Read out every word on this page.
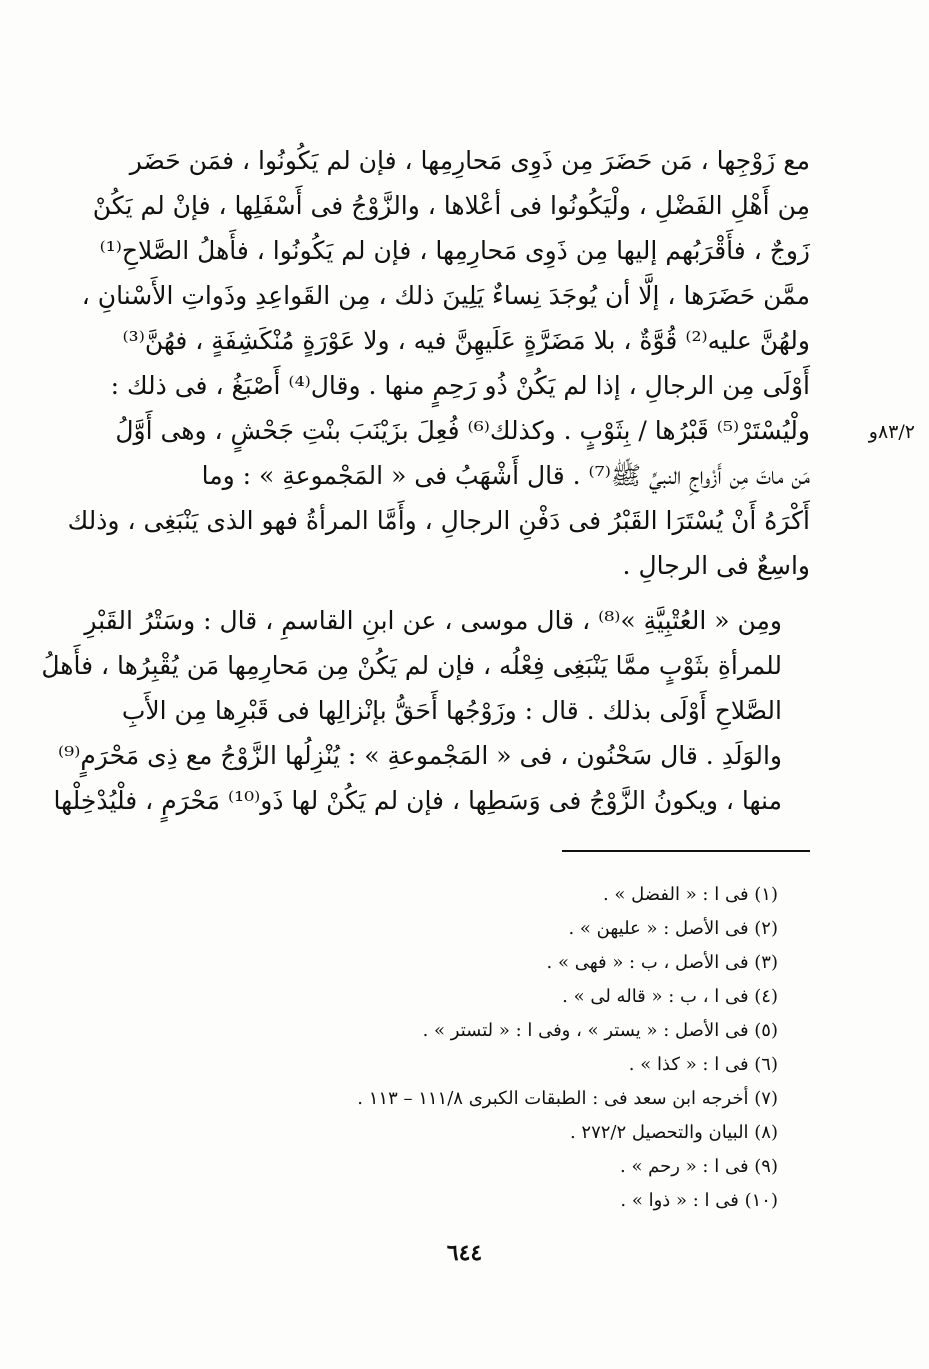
٨٣/٢و

مع زَوْجِها ، مَن حَضَرَ مِن ذَوِى مَحارِمِها ، فإن لم يَكُونُوا ، فمَن حَضَر
مِن أَهْلِ الفَضْلِ ، ولْيَكُونُوا فى أعْلاها ، والزَّوْجُ فى أَسْفَلِها ، فإنْ لم يَكُنْ
زَوجٌ ، فأَقْرَبُهم إليها مِن ذَوِى مَحارِمِها ، فإن لم يَكُونُوا ، فأَهلُ الصَّلاحِ⁽¹⁾
ممَّن حَضَرَها ، إلَّا أن يُوجَدَ نِساءٌ يَلِينَ ذلك ، مِن القَواعِدِ وذَواتِ الأَسْنانِ ،
ولهُنَّ عليه⁽²⁾ قُوَّةٌ ، بلا مَضَرَّةٍ عَلَيهِنَّ فيه ، ولا عَوْرَةٍ مُنْكَشِفَةٍ ، فهُنَّ⁽³⁾
أَوْلَى مِن الرجالِ ، إذا لم يَكُنْ ذُو رَحِمٍ منها . وقال⁽⁴⁾ أَصْبَغُ ، فى ذلك :
ولْيُسْتَرْ⁽⁵⁾ قَبْرُها / بِثَوْبٍ . وكذلك⁽⁶⁾ فُعِلَ بزَيْنَبَ بنْتِ جَحْشٍ ، وهى أَوَّلُ
مَن ماتَ مِن أَزْواجِ النبيِّ ﷺ⁽⁷⁾ . قال أَشْهَبُ فى « المَجْموعةِ » : وما
أَكْرَهُ أَنْ يُسْتَرَا القَبْرُ فى دَفْنِ الرجالِ ، وأَمَّا المرأةُ فهو الذى يَنْبَغِى ، وذلك
واسِعٌ فى الرجالِ .

ومِن « العُتْبِيَّةِ »⁽⁸⁾ ، قال موسى ، عن ابنِ القاسمِ ، قال : وسَتْرُ القَبْرِ
للمرأةِ بثَوْبٍ ممَّا يَنْبَغِى فِعْلُه ، فإن لم يَكُنْ مِن مَحارِمِها مَن يُقْبِرُها ، فأَهلُ
الصَّلاحِ أَوْلَى بذلك . قال : وزَوْجُها أَحَقُّ بإنْزالِها فى قَبْرِها مِن الأَبِ
والوَلَدِ . قال سَحْنُون ، فى « المَجْموعةِ » : يُنْزِلُها الزَّوْجُ مع ذِى مَحْرَمٍ⁽⁹⁾
منها ، ويكونُ الزَّوْجُ فى وَسَطِها ، فإن لم يَكُنْ لها ذَو⁽¹⁰⁾ مَحْرَمٍ ، فلْيُدْخِلْها

(١) فى ا : « الفضل » .
(٢) فى الأصل : « عليهن » .
(٣) فى الأصل ، ب : « فهى » .
(٤) فى ا ، ب : « قاله لى » .
(٥) فى الأصل : « يستر » ، وفى ا : « لتستر » .
(٦) فى ا : « كذا » .
(٧) أخرجه ابن سعد فى : الطبقات الكبرى ١١١/٨ – ١١٣ .
(٨) البيان والتحصيل ٢٧٢/٢ .
(٩) فى ا : « رحم » .
(١٠) فى ا : « ذوا » .
٦٤٤
